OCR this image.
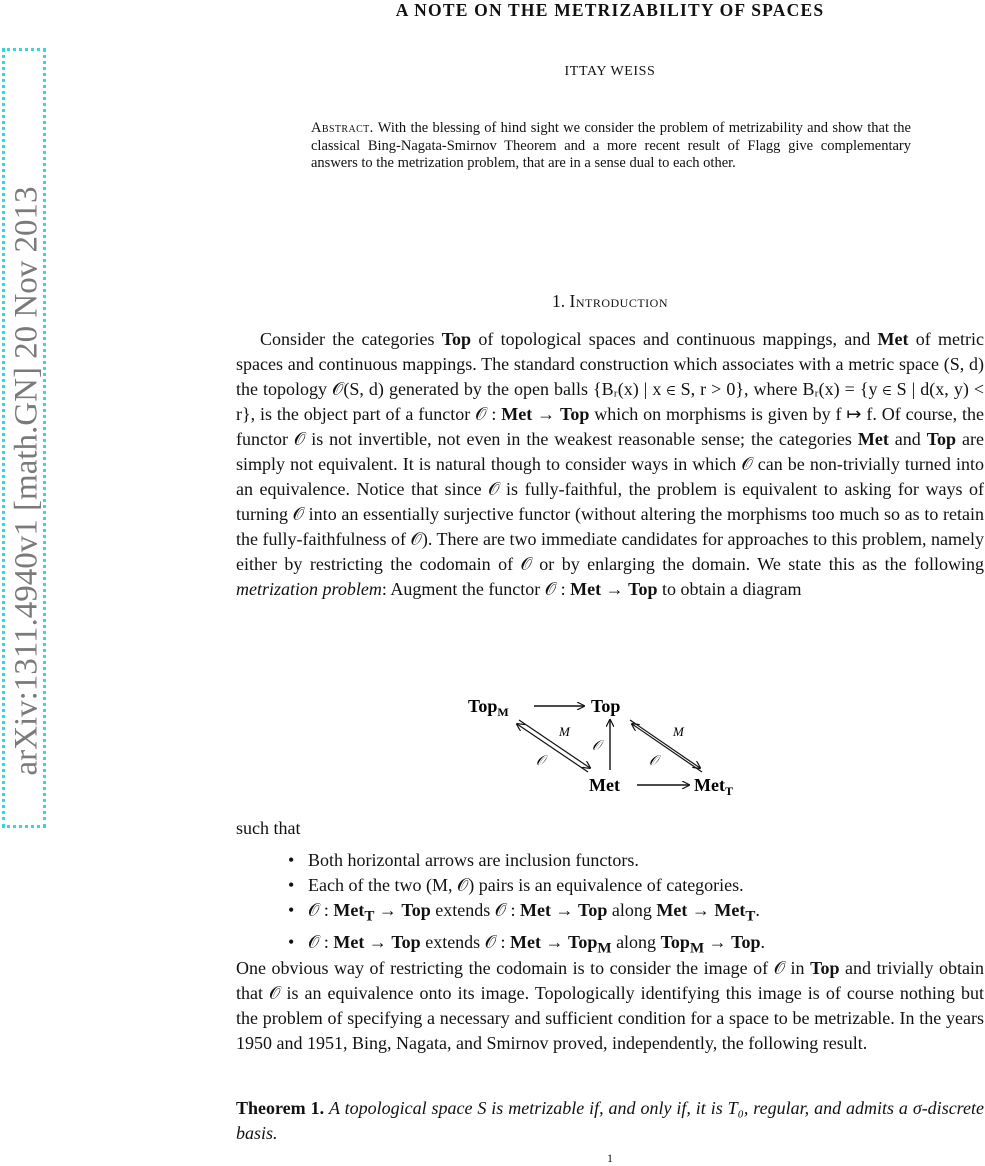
arXiv:1311.4940v1 [math.GN] 20 Nov 2013
A NOTE ON THE METRIZABILITY OF SPACES
ITTAY WEISS
Abstract. With the blessing of hind sight we consider the problem of metrizability and show that the classical Bing-Nagata-Smirnov Theorem and a more recent result of Flagg give complementary answers to the metrization problem, that are in a sense dual to each other.
1. Introduction
Consider the categories Top of topological spaces and continuous mappings, and Met of metric spaces and continuous mappings. The standard construction which associates with a metric space (S, d) the topology 𝒪(S, d) generated by the open balls {Bᵣ(x) | x ∈ S, r > 0}, where Bᵣ(x) = {y ∈ S | d(x, y) < r}, is the object part of a functor 𝒪 : Met → Top which on morphisms is given by f ↦ f. Of course, the functor 𝒪 is not invertible, not even in the weakest reasonable sense; the categories Met and Top are simply not equivalent. It is natural though to consider ways in which 𝒪 can be non-trivially turned into an equivalence. Notice that since 𝒪 is fully-faithful, the problem is equivalent to asking for ways of turning 𝒪 into an essentially surjective functor (without altering the morphisms too much so as to retain the fully-faithfulness of 𝒪). There are two immediate candidates for approaches to this problem, namely either by restricting the codomain of 𝒪 or by enlarging the domain. We state this as the following metrization problem: Augment the functor 𝒪 : Met → Top to obtain a diagram
Top$_M$	Top
Met	Met$_T$
M
𝒪
𝒪
M
𝒪
such that
• Both horizontal arrows are inclusion functors.
• Each of the two (M, 𝒪) pairs is an equivalence of categories.
• 𝒪 : Met$_T$ → Top extends 𝒪 : Met → Top along Met → Met$_T$.
• 𝒪 : Met → Top extends 𝒪 : Met → Top$_M$ along Top$_M$ → Top.
One obvious way of restricting the codomain is to consider the image of 𝒪 in Top and trivially obtain that 𝒪 is an equivalence onto its image. Topologically identifying this image is of course nothing but the problem of specifying a necessary and sufficient condition for a space to be metrizable. In the years 1950 and 1951, Bing, Nagata, and Smirnov proved, independently, the following result.
Theorem 1. A topological space S is metrizable if, and only if, it is T₀, regular, and admits a σ-discrete basis.
1
